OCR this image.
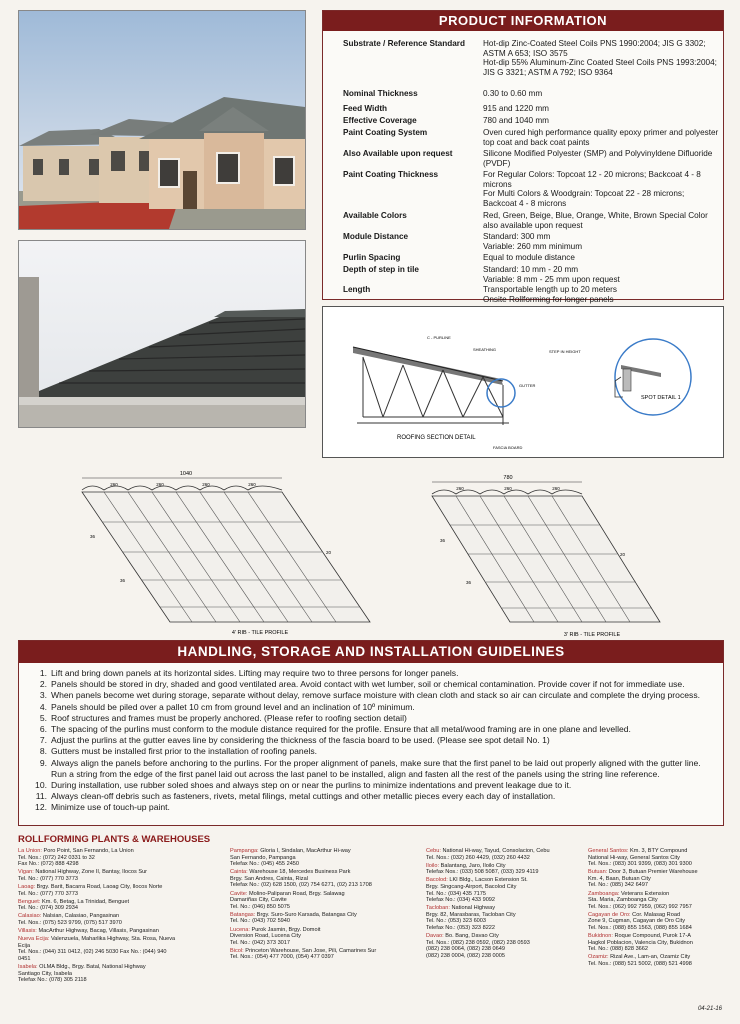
PRODUCT INFORMATION
Substrate / Reference Standard	Hot-dip Zinc-Coated Steel Coils PNS 1990:2004; JIS G 3302; ASTM A 653; ISO 3575
Hot-dip 55% Aluminum-Zinc Coated Steel Coils PNS 1993:2004; JIS G 3321; ASTM A 792; ISO 9364
Nominal Thickness	0.30 to 0.60 mm
Feed Width	915 and 1220 mm
Effective Coverage	780 and 1040 mm
Paint Coating System	Oven cured high performance quality epoxy primer and polyester top coat and back coat paints
Also Available upon request	Silicone Modified Polyester (SMP) and Polyvinyldene Difluoride (PVDF)
Paint Coating Thickness	For Regular Colors: Topcoat 12 - 20 microns; Backcoat 4 - 8 microns
For Multi Colors & Woodgrain: Topcoat 22 - 28 microns; Backcoat 4 - 8 microns
Available Colors	Red, Green, Beige, Blue, Orange, White, Brown Special Color also available upon request
Module Distance	Standard: 300 mm
Variable: 260 mm minimum
Purlin Spacing	Equal to module distance
Depth of step in tile	Standard: 10 mm - 20 mm
Variable: 8 mm - 25 mm upon request
Length	Transportable length up to 20 meters
Onsite Rollforming for longer panels
C - PURLINE
SHEATHING
GUTTER
FASCIA BOARD
ROOFING SECTION DETAIL
STEP IN HEIGHT
SPOT DETAIL 1
1040
260	260	260	260
36
36
20
4' RIB - TILE PROFILE
780
260	260	260
36
36
20
3' RIB - TILE PROFILE
HANDLING, STORAGE AND INSTALLATION GUIDELINES
1. Lift and bring down panels at its horizontal sides. Lifting may require two to three persons for longer panels.
2. Panels should be stored in dry, shaded and good ventilated area. Avoid contact with wet lumber, soil or chemical contamination. Provide cover if not for immediate use.
3. When panels become wet during storage, separate without delay, remove surface moisture with clean cloth and stack so air can circulate and complete the drying process.
4. Panels should be piled over a pallet 10 cm from ground level and an inclination of 10º minimum.
5. Roof structures and frames must be properly anchored. (Please refer to roofing section detail)
6. The spacing of the purlins must conform to the module distance required for the profile. Ensure that all metal/wood framing are in one plane and levelled.
7. Adjust the purlins at the gutter eaves line by considering the thickness of the fascia board to be used. (Please see spot detail No. 1)
8. Gutters must be installed first prior to the installation of roofing panels.
9. Always align the panels before anchoring to the purlins. For the proper alignment of panels, make sure that the first panel to be laid out properly aligned with the gutter line. Run a string from the edge of the first panel laid out across the last panel to be installed, align and fasten all the rest of the panels using the string line reference.
10. During installation, use rubber soled shoes and always step on or near the purlins to minimize indentations and prevent leakage due to it.
11. Always clean-off debris such as fasteners, rivets, metal filings, metal cuttings and other metallic pieces every each day of installation.
12. Minimize use of touch-up paint.
ROLLFORMING PLANTS & WAREHOUSES
La Union: Poro Point, San Fernando, La Union
Tel. Nos.: (072) 242 0331 to 32
Fax No.: (072) 888 4298
Vigan: National Highway, Zone II, Bantay, Ilocos Sur
Tel. No.: (077) 770 3773
Laoag: Brgy. Barit, Bacarra Road, Laoag City, Ilocos Norte
Tel. No.: (077) 770 3773
Benguet: Km. 6, Betag, La Trinidad, Benguet
Tel. No.: (074) 309 2934
Calasiao: Nalsian, Calasiao, Pangasinan
Tel. Nos.: (075) 523 9799, (075) 517 3970
Villasis: MacArthur Highway, Bacag, Villasis, Pangasinan
Nueva Ecija: Valenzuela, Maharlika Highway, Sta. Rosa, Nueva Ecija
Tel. Nos.: (044) 311 0412, (02) 246 5030 Fax No.: (044) 940 0451
Isabela: OLMA Bldg., Brgy. Batal, National Highway
Santiago City, Isabela
Telefax No.: (078) 305 2118
Pampanga: Gloria I, Sindalan, MacArthur Hi-way
San Fernando, Pampanga
Telefax No.: (045) 455 2450
Cainta: Warehouse 18, Mercedes Business Park
Brgy. San Andres, Cainta, Rizal
Telefax No.: (02) 628 1500, (02) 754 6271, (02) 213 1708
Cavite: Molino-Paliparan Road, Brgy. Salawag
Damariñas City, Cavite
Tel. No.: (046) 850 5075
Batangas: Brgy. Suro-Suro Karsada, Batangas City
Tel. No.: (043) 702 5940
Lucena: Purok Jasmin, Brgy. Domoit
Diversion Road, Lucena City
Tel. No.: (042) 373 3017
Bicol: Princeton Warehouse, San Jose, Pili, Camarines Sur
Tel. Nos.: (054) 477 7000, (054) 477 0397
Cebu: National Hi-way, Tayud, Consolacion, Cebu
Tel. Nos.: (032) 260 4429, (032) 260 4432
Iloilo: Balantang, Jaro, Iloilo City
Telefax Nos.: (033) 508 5087, (033) 329 4119
Bacolod: LKI Bldg., Lacson Extension St.
Brgy. Singcang-Airport, Bacolod City
Tel. No.: (034) 435 7175
Telefax No.: (034) 433 9092
Tacloban: National Highway
Brgy. 82, Marasbaras, Tacloban City
Tel. No.: (053) 323 6003
Telefax No.: (053) 323 8222
Davao: Bo. Bang, Davao City
Tel. Nos.: (082) 238 0592, (082) 238 0593
(082) 238 0064, (082) 238 0649
(082) 238 0004, (082) 238 0005
General Santos: Km. 3, BTY Compound
National Hi-way, General Santos City
Tel. Nos.: (083) 301 9399, (083) 301 9300
Butuan: Door 3, Butuan Premier Warehouse
Km. 4, Baan, Butuan City
Tel. No.: (085) 342 6497
Zamboanga: Veterans Extension
Sta. Maria, Zamboanga City
Tel. Nos.: (062) 992 7959, (062) 992 7957
Cagayan de Oro: Cor. Malasag Road
Zone 9, Cugman, Cagayan de Oro City
Tel. Nos.: (088) 855 1563, (088) 855 1684
Bukidnon: Roque Compound, Purok 17-A
Hagkol Poblacion, Valencia City, Bukidnon
Tel. No.: (088) 828 3662
Ozamiz: Rizal Ave., Lam-an, Ozamiz City
Tel. Nos.: (088) 521 5002, (088) 521 4998
04-21-16
